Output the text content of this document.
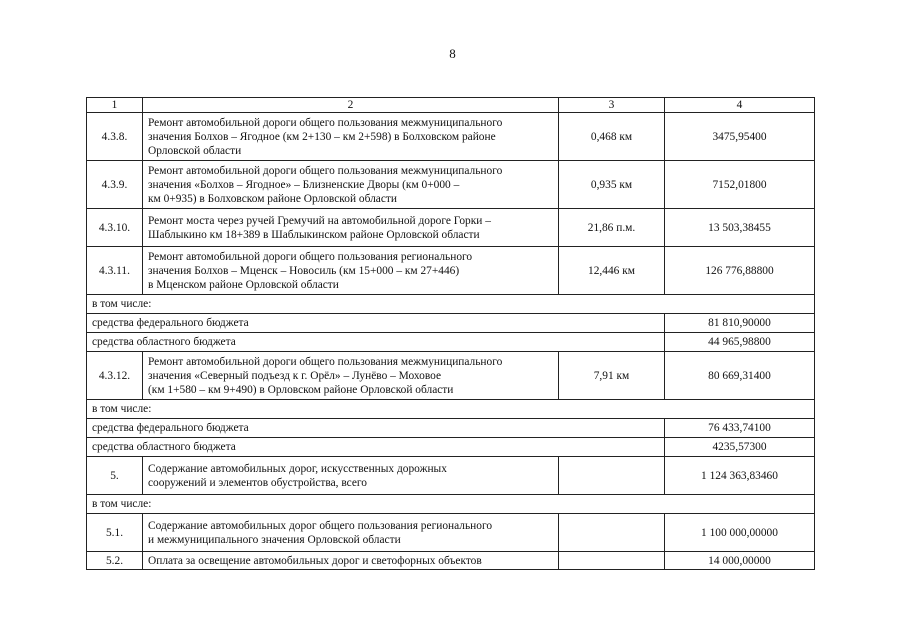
8
1	2	3	4
4.3.8.	Ремонт автомобильной дороги общего пользования межмуниципального
значения Болхов – Ягодное (км 2+130 – км 2+598) в Болховском районе
Орловской области	0,468 км	3475,95400
4.3.9.	Ремонт автомобильной дороги общего пользования межмуниципального
значения «Болхов – Ягодное» – Близненские Дворы (км 0+000 –
км 0+935) в Болховском районе Орловской области	0,935 км	7152,01800
4.3.10.	Ремонт моста через ручей Гремучий на автомобильной дороге Горки –
Шаблыкино км 18+389 в Шаблыкинском районе Орловской области	21,86 п.м.	13 503,38455
4.3.11.	Ремонт автомобильной дороги общего пользования регионального
значения Болхов – Мценск – Новосиль (км 15+000 – км 27+446)
в Мценском районе Орловской области	12,446 км	126 776,88800
в том числе:			
средства федерального бюджета			81 810,90000
средства областного бюджета			44 965,98800
4.3.12.	Ремонт автомобильной дороги общего пользования межмуниципального
значения «Северный подъезд к г. Орёл» – Лунёво – Моховое
(км 1+580 – км 9+490) в Орловском районе Орловской области	7,91 км	80 669,31400
в том числе:			
средства федерального бюджета			76 433,74100
средства областного бюджета			4235,57300
5.	Содержание автомобильных дорог, искусственных дорожных
сооружений и элементов обустройства, всего		1 124 363,83460
в том числе:			
5.1.	Содержание автомобильных дорог общего пользования регионального
и межмуниципального значения Орловской области		1 100 000,00000
5.2.	Оплата за освещение автомобильных дорог и светофорных объектов		14 000,00000
